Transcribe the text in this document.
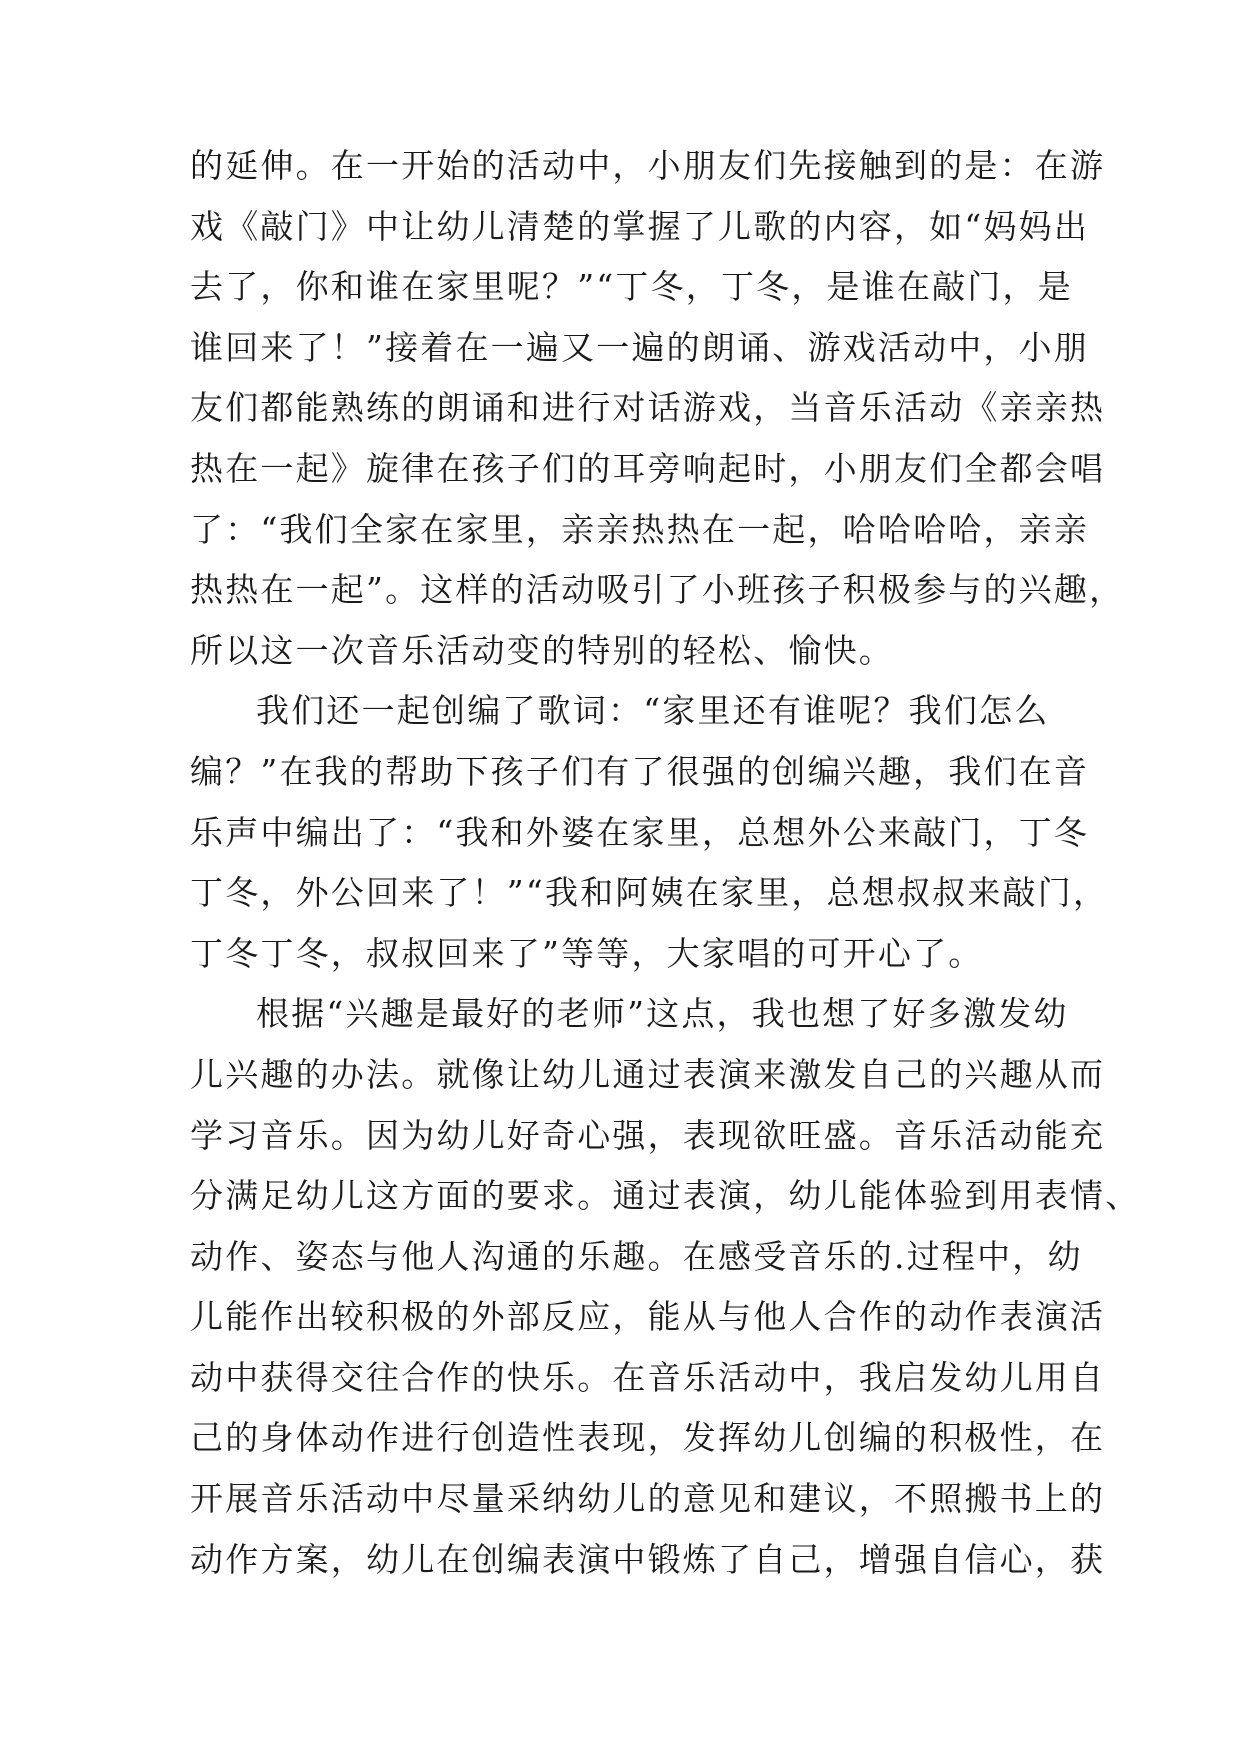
的延伸。在一开始的活动中，小朋友们先接触到的是：在游
戏《敲门》中让幼儿清楚的掌握了儿歌的内容，如“妈妈出
去了，你和谁在家里呢？”“丁冬，丁冬，是谁在敲门，是
谁回来了！”接着在一遍又一遍的朗诵、游戏活动中，小朋
友们都能熟练的朗诵和进行对话游戏，当音乐活动《亲亲热
热在一起》旋律在孩子们的耳旁响起时，小朋友们全都会唱
了：“我们全家在家里，亲亲热热在一起，哈哈哈哈，亲亲
热热在一起”。这样的活动吸引了小班孩子积极参与的兴趣，
所以这一次音乐活动变的特别的轻松、愉快。
我们还一起创编了歌词：“家里还有谁呢？我们怎么
编？”在我的帮助下孩子们有了很强的创编兴趣，我们在音
乐声中编出了：“我和外婆在家里，总想外公来敲门，丁冬
丁冬，外公回来了！”“我和阿姨在家里，总想叔叔来敲门，
丁冬丁冬，叔叔回来了”等等，大家唱的可开心了。
根据“兴趣是最好的老师”这点，我也想了好多激发幼
儿兴趣的办法。就像让幼儿通过表演来激发自己的兴趣从而
学习音乐。因为幼儿好奇心强，表现欲旺盛。音乐活动能充
分满足幼儿这方面的要求。通过表演，幼儿能体验到用表情、
动作、姿态与他人沟通的乐趣。在感受音乐的.过程中，幼
儿能作出较积极的外部反应，能从与他人合作的动作表演活
动中获得交往合作的快乐。在音乐活动中，我启发幼儿用自
己的身体动作进行创造性表现，发挥幼儿创编的积极性，在
开展音乐活动中尽量采纳幼儿的意见和建议，不照搬书上的
动作方案，幼儿在创编表演中锻炼了自己，增强自信心，获
